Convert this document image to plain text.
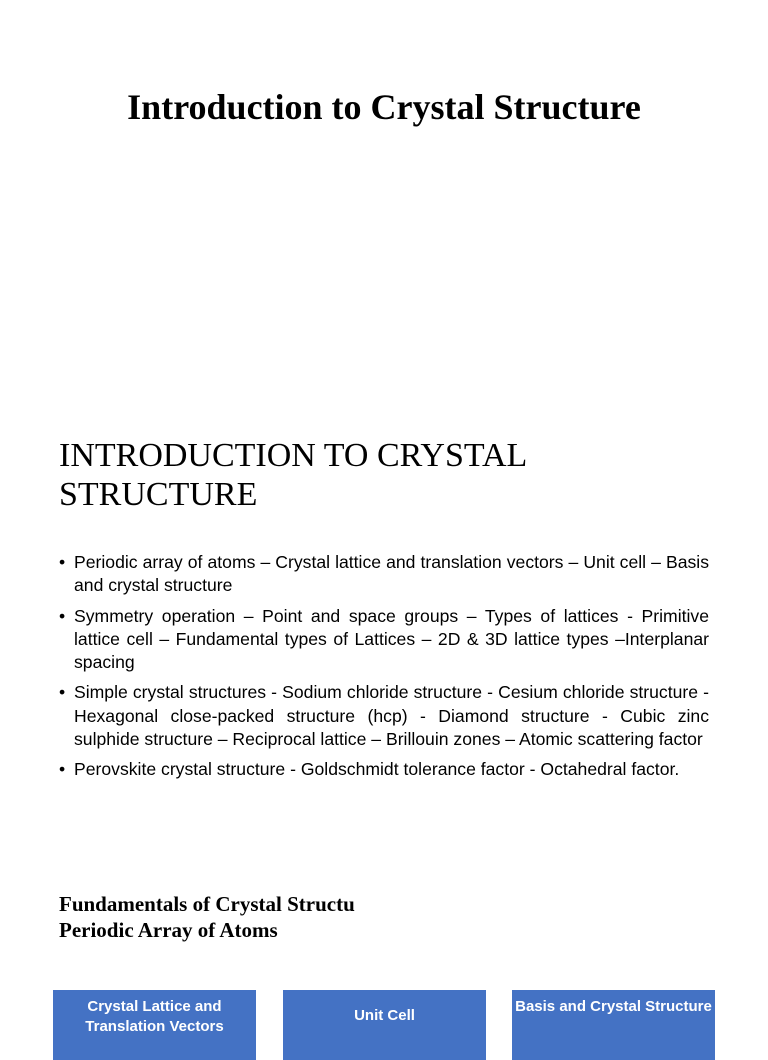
Introduction to Crystal Structure
INTRODUCTION TO CRYSTAL
STRUCTURE
• Periodic array of atoms – Crystal lattice and translation vectors – Unit cell – Basis and crystal structure
• Symmetry operation – Point and space groups – Types of lattices - Primitive lattice cell – Fundamental types of Lattices – 2D & 3D lattice types –Interplanar spacing
• Simple crystal structures - Sodium chloride structure - Cesium chloride structure - Hexagonal close-packed structure (hcp) - Diamond structure - Cubic zinc sulphide structure – Reciprocal lattice – Brillouin zones – Atomic scattering factor
• Perovskite crystal structure - Goldschmidt tolerance factor - Octahedral factor.
Fundamentals of Crystal Structu
Periodic Array of Atoms
Crystal Lattice and Translation Vectors
Unit Cell
Basis and Crystal Structure
